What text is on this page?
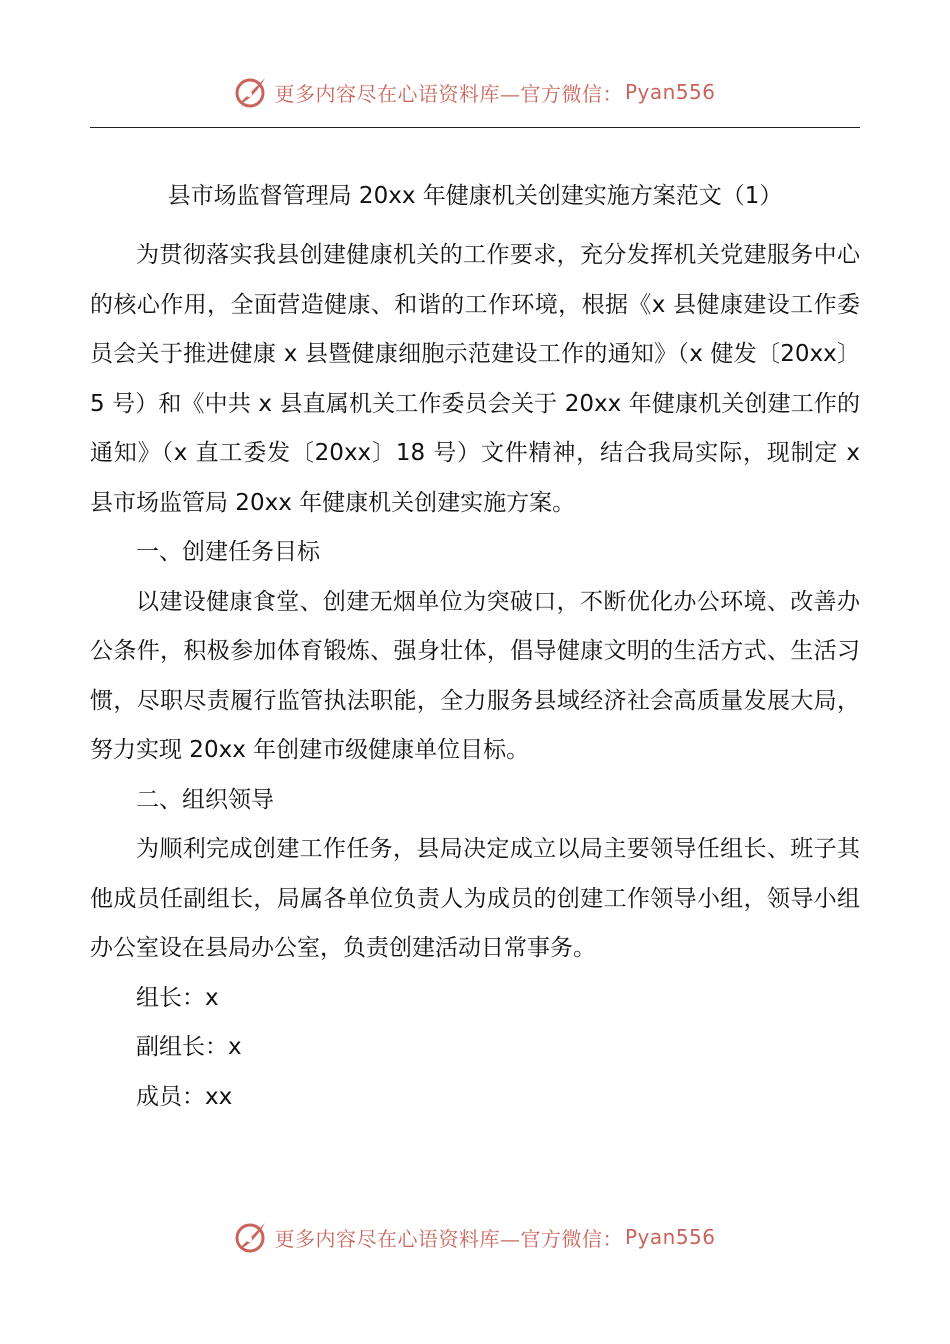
更多内容尽在心语资料库—官方微信： Pyan556
县市场监督管理局 20xx 年健康机关创建实施方案范文（1）

为贯彻落实我县创建健康机关的工作要求，充分发挥机关党建服务中心的核心作用，全面营造健康、和谐的工作环境，根据《x 县健康建设工作委员会关于推进健康 x 县暨健康细胞示范建设工作的通知》（x 健发〔20xx〕5 号）和《中共 x 县直属机关工作委员会关于 20xx 年健康机关创建工作的通知》（x 直工委发〔20xx〕18 号）文件精神，结合我局实际，现制定 x 县市场监管局 20xx 年健康机关创建实施方案。

一、创建任务目标

以建设健康食堂、创建无烟单位为突破口，不断优化办公环境、改善办公条件，积极参加体育锻炼、强身壮体，倡导健康文明的生活方式、生活习惯，尽职尽责履行监管执法职能，全力服务县域经济社会高质量发展大局，努力实现 20xx 年创建市级健康单位目标。

二、组织领导

为顺利完成创建工作任务，县局决定成立以局主要领导任组长、班子其他成员任副组长，局属各单位负责人为成员的创建工作领导小组，领导小组办公室设在县局办公室，负责创建活动日常事务。

组长：x

副组长：x

成员：xx

更多内容尽在心语资料库—官方微信： Pyan556
